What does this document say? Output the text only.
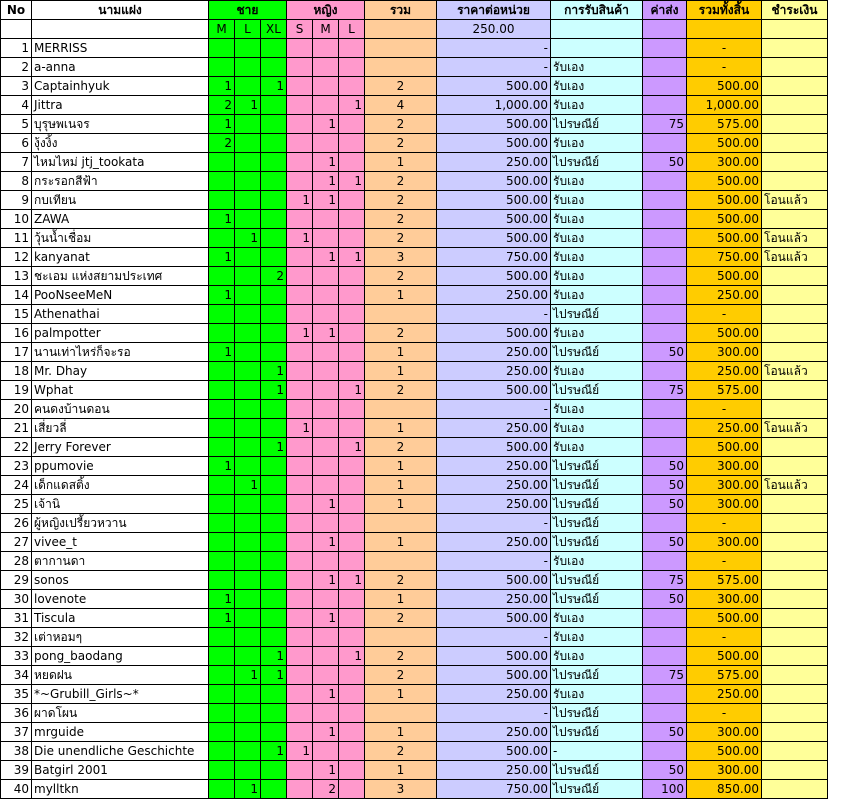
No	นามแฝง	ชาย			หญิง			รวม	ราคาต่อหน่วย	การรับสินค้า	ค่าส่ง	รวมทั้งสิ้น	ชำระเงิน
		M	L	XL	S	M	L		250.00				
1	MERRISS								-			-	
2	a-anna								-	รับเอง		-	
3	Captainhyuk	1		1				2	500.00	รับเอง		500.00	
4	Jittra	2	1				1	4	1,000.00	รับเอง		1,000.00	
5	บุรุษพเนจร	1				1		2	500.00	ไปรษณีย์	75	575.00	
6	งุ้งงิ้ง	2						2	500.00	รับเอง		500.00	
7	ไหมไหม่ jtj_tookata					1		1	250.00	ไปรษณีย์	50	300.00	
8	กระรอกสีฟ้า					1	1	2	500.00	รับเอง		500.00	
9	กบเทียน				1	1		2	500.00	รับเอง		500.00	โอนแล้ว
10	ZAWA	1						2	500.00	รับเอง		500.00	
11	วุ้นน้ำเชื่อม		1		1			2	500.00	รับเอง		500.00	โอนแล้ว
12	kanyanat	1				1	1	3	750.00	รับเอง		750.00	โอนแล้ว
13	ชะเอม แห่งสยามประเทศ			2				2	500.00	รับเอง		500.00	
14	PooNseeMeN	1						1	250.00	รับเอง		250.00	
15	Athenathai								-	ไปรษณีย์		-	
16	palmpotter				1	1		2	500.00	รับเอง		500.00	
17	นานเท่าไหร่ก็จะรอ	1						1	250.00	ไปรษณีย์	50	300.00	
18	Mr. Dhay			1				1	250.00	รับเอง		250.00	โอนแล้ว
19	Wphat			1			1	2	500.00	ไปรษณีย์	75	575.00	
20	คนดงบ้านดอน								-	รับเอง		-	
21	เสี่ยวลี่				1			1	250.00	รับเอง		250.00	โอนแล้ว
22	Jerry Forever			1			1	2	500.00	รับเอง		500.00	
23	ppumovie	1						1	250.00	ไปรษณีย์	50	300.00	
24	เด็กแดสติ้ง		1					1	250.00	ไปรษณีย์	50	300.00	โอนแล้ว
25	เจ้านิ					1		1	250.00	ไปรษณีย์	50	300.00	
26	ผู้หญิงเปรี้ยวหวาน								-	ไปรษณีย์		-	
27	vivee_t					1		1	250.00	ไปรษณีย์	50	300.00	
28	ตากานดา								-	รับเอง		-	
29	sonos					1	1	2	500.00	ไปรษณีย์	75	575.00	
30	lovenote	1						1	250.00	ไปรษณีย์	50	300.00	
31	Tiscula	1				1		2	500.00	รับเอง		500.00	
32	เต่าหอมๆ								-	รับเอง		-	
33	pong_baodang			1			1	2	500.00	รับเอง		500.00	
34	หยดฝน		1	1				2	500.00	ไปรษณีย์	75	575.00	
35	*~Grubill_Girls~*					1		1	250.00	รับเอง		250.00	
36	ผาดโผน								-	ไปรษณีย์		-	
37	mrguide					1		1	250.00	ไปรษณีย์	50	300.00	
38	Die unendliche Geschichte			1	1			2	500.00	-		500.00	
39	Batgirl 2001					1		1	250.00	ไปรษณีย์	50	300.00	
40	mylltkn		1			2		3	750.00	ไปรษณีย์	100	850.00	
